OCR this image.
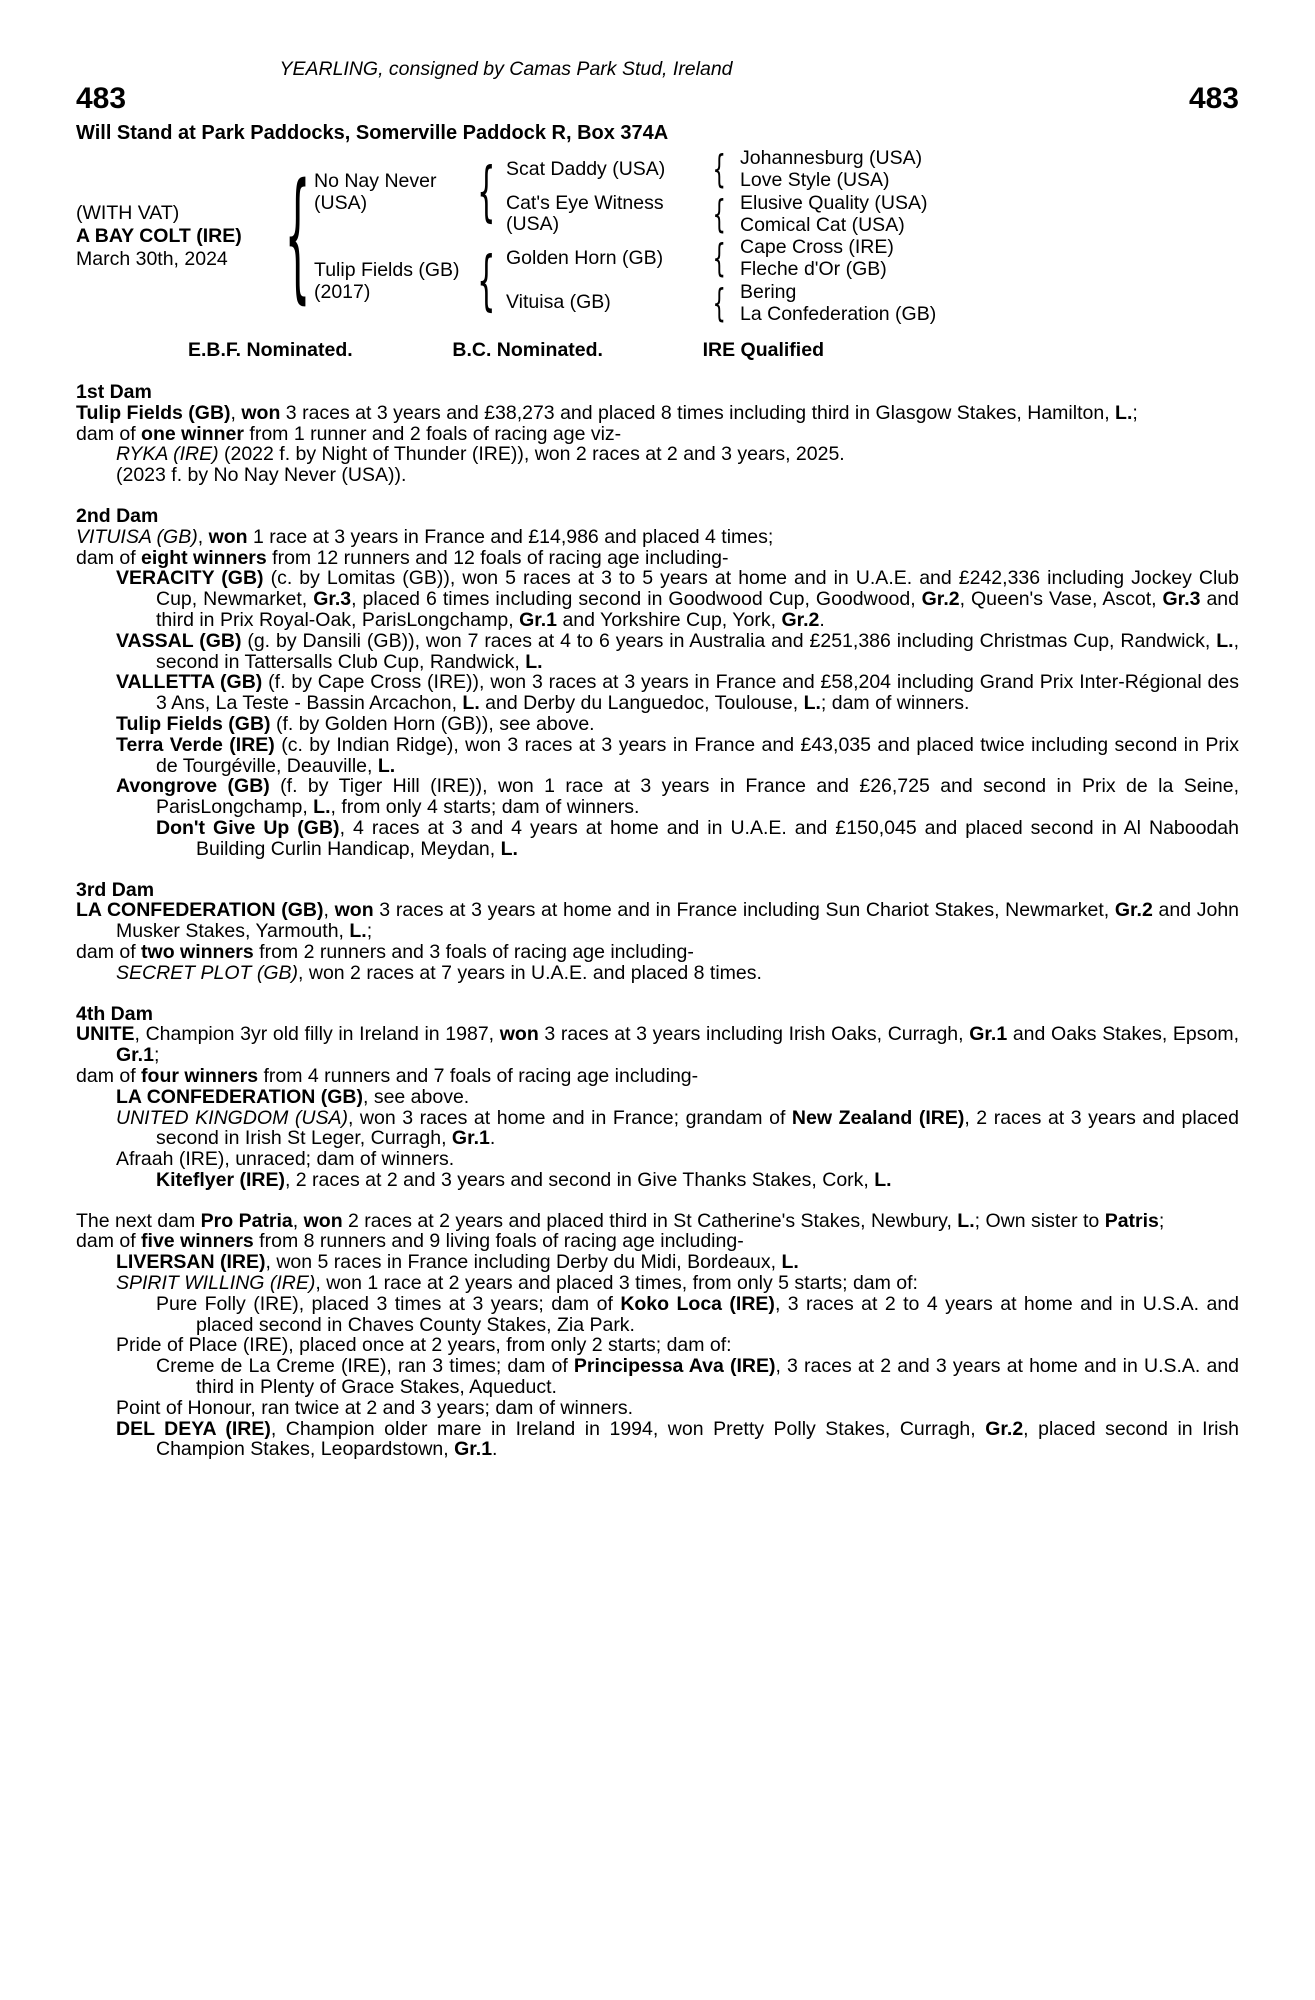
YEARLING, consigned by Camas Park Stud, Ireland
483	483
Will Stand at Park Paddocks, Somerville Paddock R, Box 374A
(WITH VAT)
A BAY COLT (IRE)
March 30th, 2024 { No Nay Never (USA)	{ Scat Daddy (USA)	{ Johannesburg (USA)
Love Style (USA)
Cat's Eye Witness (USA)	{ Elusive Quality (USA)
Comical Cat (USA)
Tulip Fields (GB) (2017)	{ Golden Horn (GB)	{ Cape Cross (IRE)
Fleche d'Or (GB)
Vituisa (GB)	{ Bering
La Confederation (GB)
E.B.F. Nominated.	B.C. Nominated.	IRE Qualified
1st Dam

Tulip Fields (GB), won 3 races at 3 years and £38,273 and placed 8 times including third in Glasgow Stakes, Hamilton, L.;

dam of one winner from 1 runner and 2 foals of racing age viz-

RYKA (IRE) (2022 f. by Night of Thunder (IRE)), won 2 races at 2 and 3 years, 2025.

(2023 f. by No Nay Never (USA)).

2nd Dam

VITUISA (GB), won 1 race at 3 years in France and £14,986 and placed 4 times;

dam of eight winners from 12 runners and 12 foals of racing age including-

VERACITY (GB) (c. by Lomitas (GB)), won 5 races at 3 to 5 years at home and in U.A.E. and £242,336 including Jockey Club Cup, Newmarket, Gr.3, placed 6 times including second in Goodwood Cup, Goodwood, Gr.2, Queen's Vase, Ascot, Gr.3 and third in Prix Royal-Oak, ParisLongchamp, Gr.1 and Yorkshire Cup, York, Gr.2.

VASSAL (GB) (g. by Dansili (GB)), won 7 races at 4 to 6 years in Australia and £251,386 including Christmas Cup, Randwick, L., second in Tattersalls Club Cup, Randwick, L.

VALLETTA (GB) (f. by Cape Cross (IRE)), won 3 races at 3 years in France and £58,204 including Grand Prix Inter-Régional des 3 Ans, La Teste - Bassin Arcachon, L. and Derby du Languedoc, Toulouse, L.; dam of winners.

Tulip Fields (GB) (f. by Golden Horn (GB)), see above.

Terra Verde (IRE) (c. by Indian Ridge), won 3 races at 3 years in France and £43,035 and placed twice including second in Prix de Tourgéville, Deauville, L.

Avongrove (GB) (f. by Tiger Hill (IRE)), won 1 race at 3 years in France and £26,725 and second in Prix de la Seine, ParisLongchamp, L., from only 4 starts; dam of winners.

Don't Give Up (GB), 4 races at 3 and 4 years at home and in U.A.E. and £150,045 and placed second in Al Naboodah Building Curlin Handicap, Meydan, L.

3rd Dam

LA CONFEDERATION (GB), won 3 races at 3 years at home and in France including Sun Chariot Stakes, Newmarket, Gr.2 and John Musker Stakes, Yarmouth, L.;

dam of two winners from 2 runners and 3 foals of racing age including-

SECRET PLOT (GB), won 2 races at 7 years in U.A.E. and placed 8 times.

4th Dam

UNITE, Champion 3yr old filly in Ireland in 1987, won 3 races at 3 years including Irish Oaks, Curragh, Gr.1 and Oaks Stakes, Epsom, Gr.1;

dam of four winners from 4 runners and 7 foals of racing age including-

LA CONFEDERATION (GB), see above.

UNITED KINGDOM (USA), won 3 races at home and in France; grandam of New Zealand (IRE), 2 races at 3 years and placed second in Irish St Leger, Curragh, Gr.1.

Afraah (IRE), unraced; dam of winners.

Kiteflyer (IRE), 2 races at 2 and 3 years and second in Give Thanks Stakes, Cork, L.

The next dam Pro Patria, won 2 races at 2 years and placed third in St Catherine's Stakes, Newbury, L.; Own sister to Patris;

dam of five winners from 8 runners and 9 living foals of racing age including-

LIVERSAN (IRE), won 5 races in France including Derby du Midi, Bordeaux, L.

SPIRIT WILLING (IRE), won 1 race at 2 years and placed 3 times, from only 5 starts; dam of:

Pure Folly (IRE), placed 3 times at 3 years; dam of Koko Loca (IRE), 3 races at 2 to 4 years at home and in U.S.A. and placed second in Chaves County Stakes, Zia Park.

Pride of Place (IRE), placed once at 2 years, from only 2 starts; dam of:

Creme de La Creme (IRE), ran 3 times; dam of Principessa Ava (IRE), 3 races at 2 and 3 years at home and in U.S.A. and third in Plenty of Grace Stakes, Aqueduct.

Point of Honour, ran twice at 2 and 3 years; dam of winners.

DEL DEYA (IRE), Champion older mare in Ireland in 1994, won Pretty Polly Stakes, Curragh, Gr.2, placed second in Irish Champion Stakes, Leopardstown, Gr.1.
